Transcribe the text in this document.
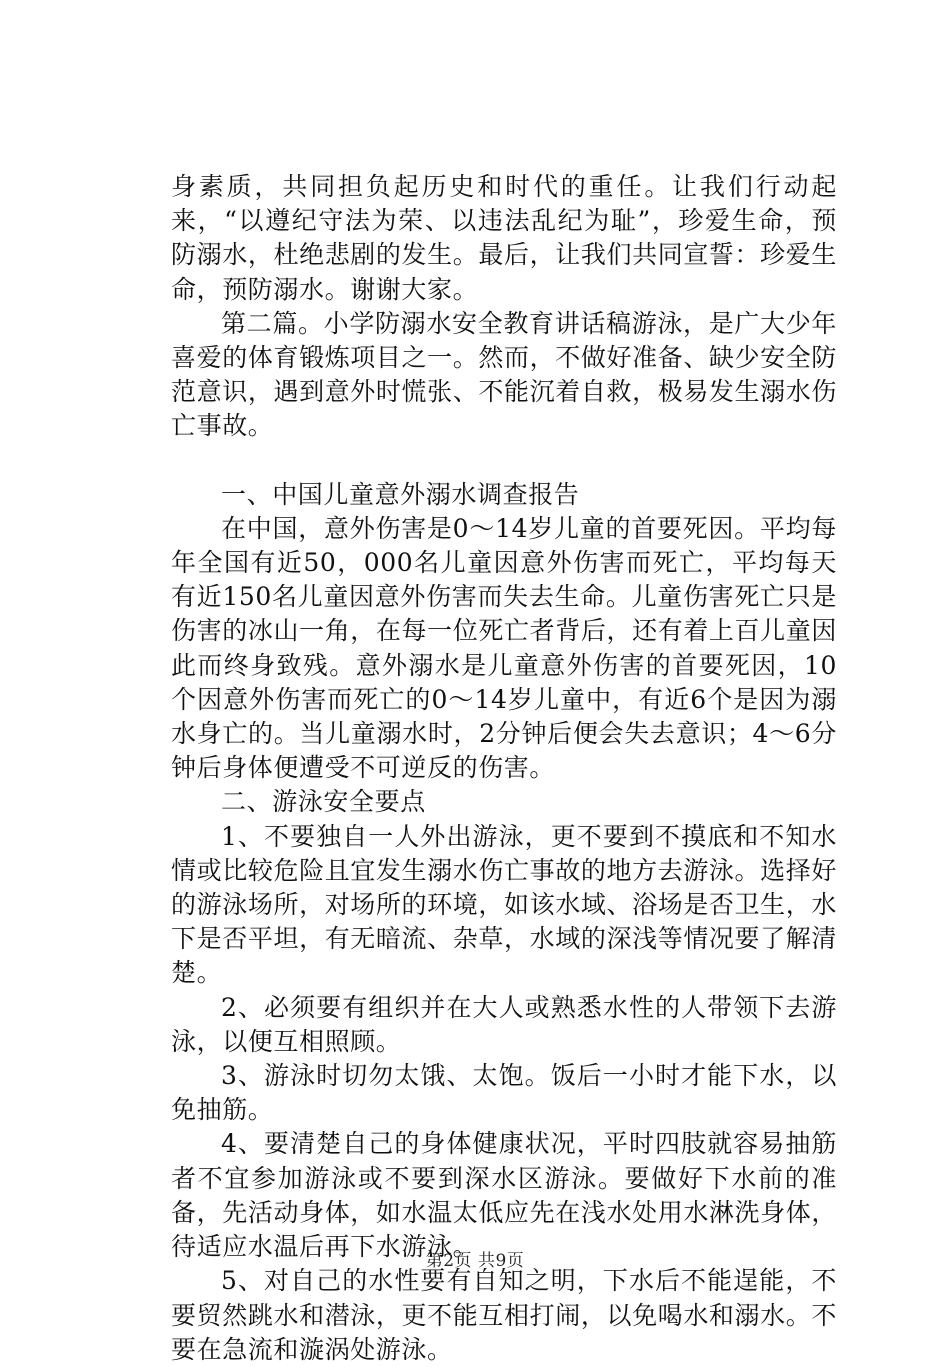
身素质，共同担负起历史和时代的重任。让我们行动起来，“以遵纪守法为荣、以违法乱纪为耻”，珍爱生命，预防溺水，杜绝悲剧的发生。最后，让我们共同宣誓：珍爱生命，预防溺水。谢谢大家。

第二篇。小学防溺水安全教育讲话稿游泳，是广大少年喜爱的体育锻炼项目之一。然而，不做好准备、缺少安全防范意识，遇到意外时慌张、不能沉着自救，极易发生溺水伤亡事故。

一、中国儿童意外溺水调查报告

在中国，意外伤害是0～14岁儿童的首要死因。平均每年全国有近50，000名儿童因意外伤害而死亡，平均每天有近150名儿童因意外伤害而失去生命。儿童伤害死亡只是伤害的冰山一角，在每一位死亡者背后，还有着上百儿童因此而终身致残。意外溺水是儿童意外伤害的首要死因，10个因意外伤害而死亡的0～14岁儿童中，有近6个是因为溺水身亡的。当儿童溺水时，2分钟后便会失去意识；4～6分钟后身体便遭受不可逆反的伤害。

二、游泳安全要点

1、不要独自一人外出游泳，更不要到不摸底和不知水情或比较危险且宜发生溺水伤亡事故的地方去游泳。选择好的游泳场所，对场所的环境，如该水域、浴场是否卫生，水下是否平坦，有无暗流、杂草，水域的深浅等情况要了解清楚。

2、必须要有组织并在大人或熟悉水性的人带领下去游泳，以便互相照顾。

3、游泳时切勿太饿、太饱。饭后一小时才能下水，以免抽筋。

4、要清楚自己的身体健康状况，平时四肢就容易抽筋者不宜参加游泳或不要到深水区游泳。要做好下水前的准备，先活动身体，如水温太低应先在浅水处用水淋洗身体，待适应水温后再下水游泳。

5、对自己的水性要有自知之明，下水后不能逞能，不要贸然跳水和潜泳，更不能互相打闹，以免喝水和溺水。不要在急流和漩涡处游泳。

第2页 共9页
